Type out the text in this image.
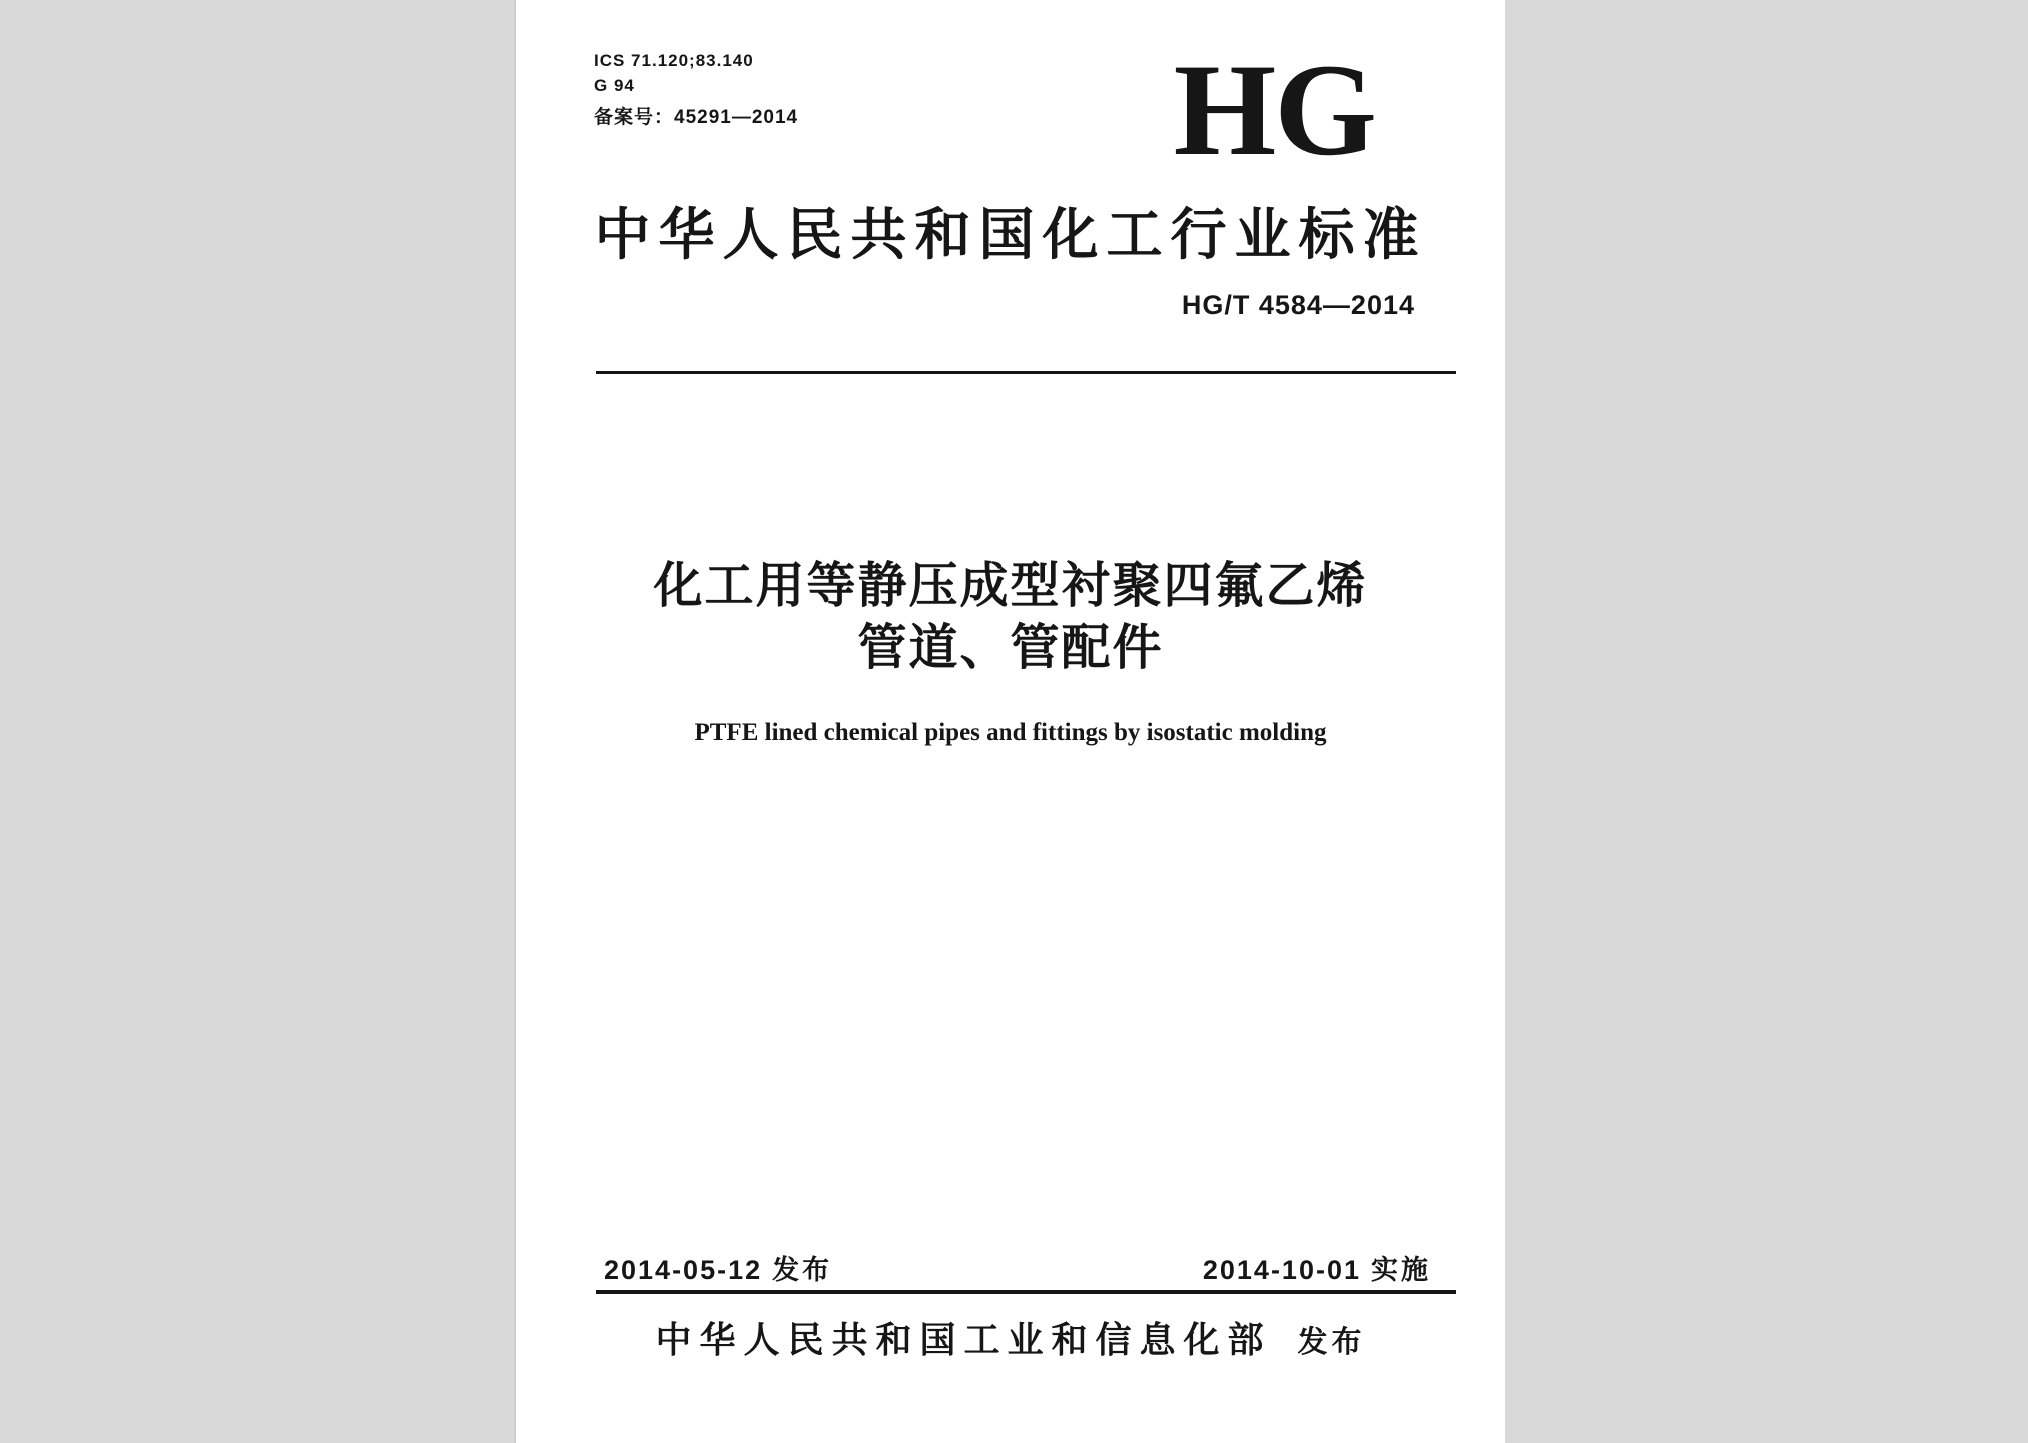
ICS 71.120;83.140
G 94
备案号：45291—2014	HG
中华人民共和国化工行业标准
HG/T 4584—2014
化工用等静压成型衬聚四氟乙烯
管道、管配件
PTFE lined chemical pipes and fittings by isostatic molding
2014-05-12 发布	2014-10-01 实施
中华人民共和国工业和信息化部 发布
